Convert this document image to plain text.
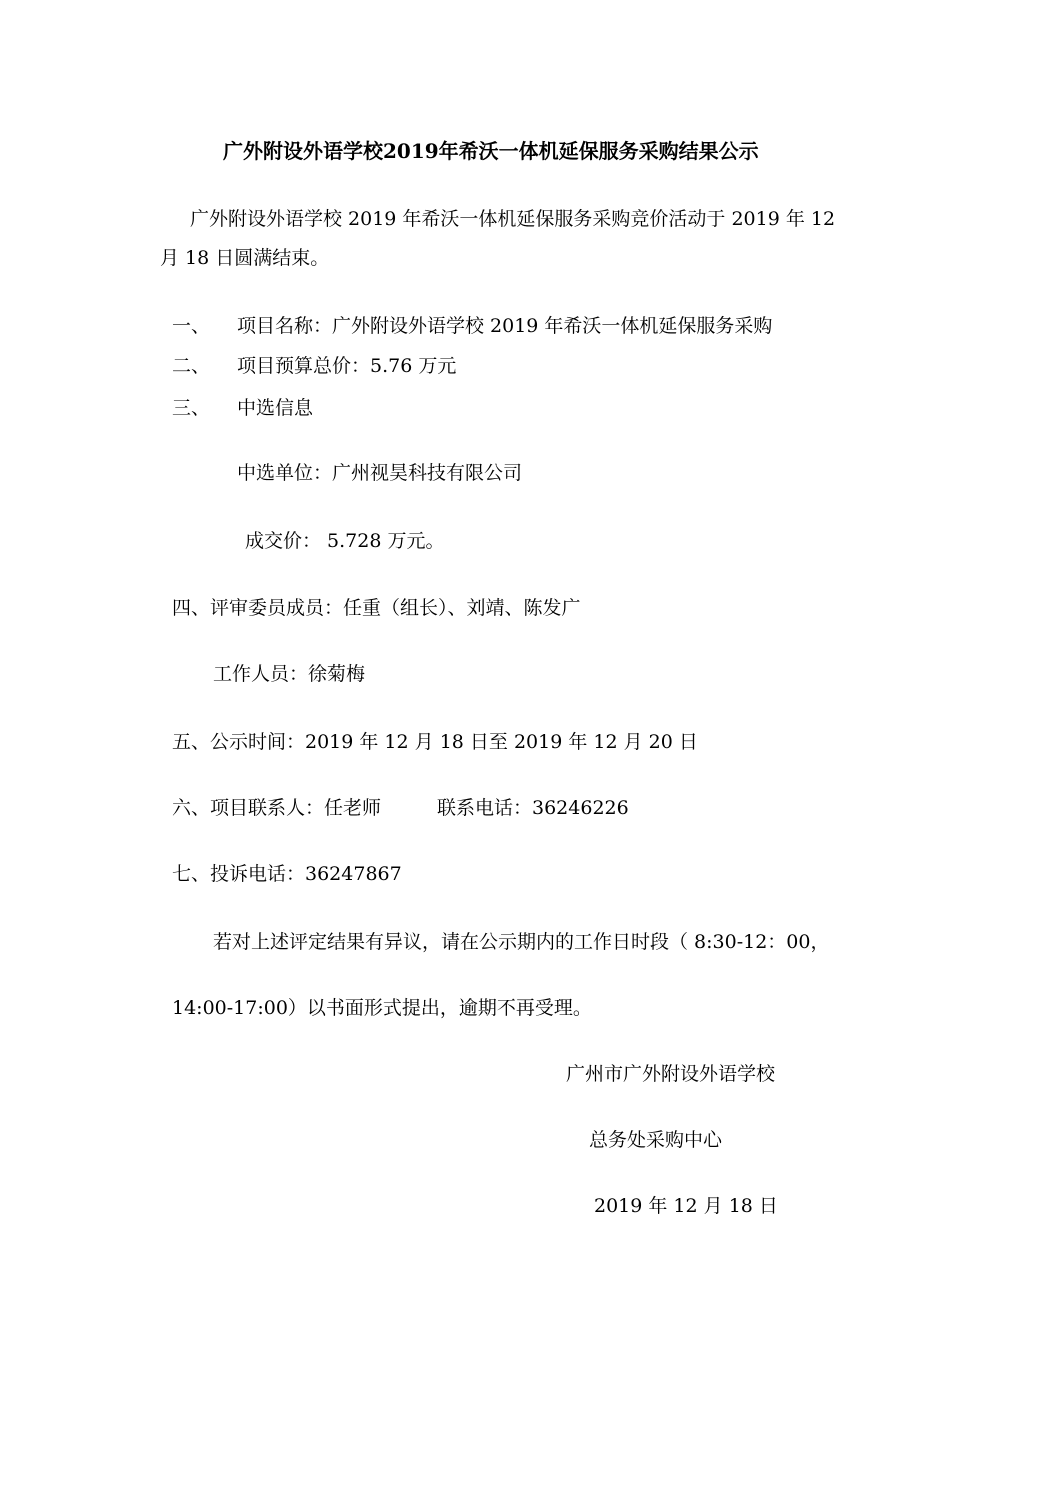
广外附设外语学校2019年希沃一体机延保服务采购结果公示
广外附设外语学校 2019 年希沃一体机延保服务采购竞价活动于 2019 年 12
月 18 日圆满结束。
一、 项目名称：广外附设外语学校 2019 年希沃一体机延保服务采购
二、 项目预算总价：5.76 万元
三、 中选信息
中选单位：广州视昊科技有限公司
成交价： 5.728 万元。
四、评审委员成员：任重（组长）、刘靖、陈发广
工作人员：徐菊梅
五、公示时间：2019 年 12 月 18 日至 2019 年 12 月 20 日
六、项目联系人：任老师	联系电话：36246226
七、投诉电话：36247867
若对上述评定结果有异议，请在公示期内的工作日时段（ 8:30-12：00，
14:00-17:00）以书面形式提出，逾期不再受理。
广州市广外附设外语学校
总务处采购中心
2019 年 12 月 18 日
